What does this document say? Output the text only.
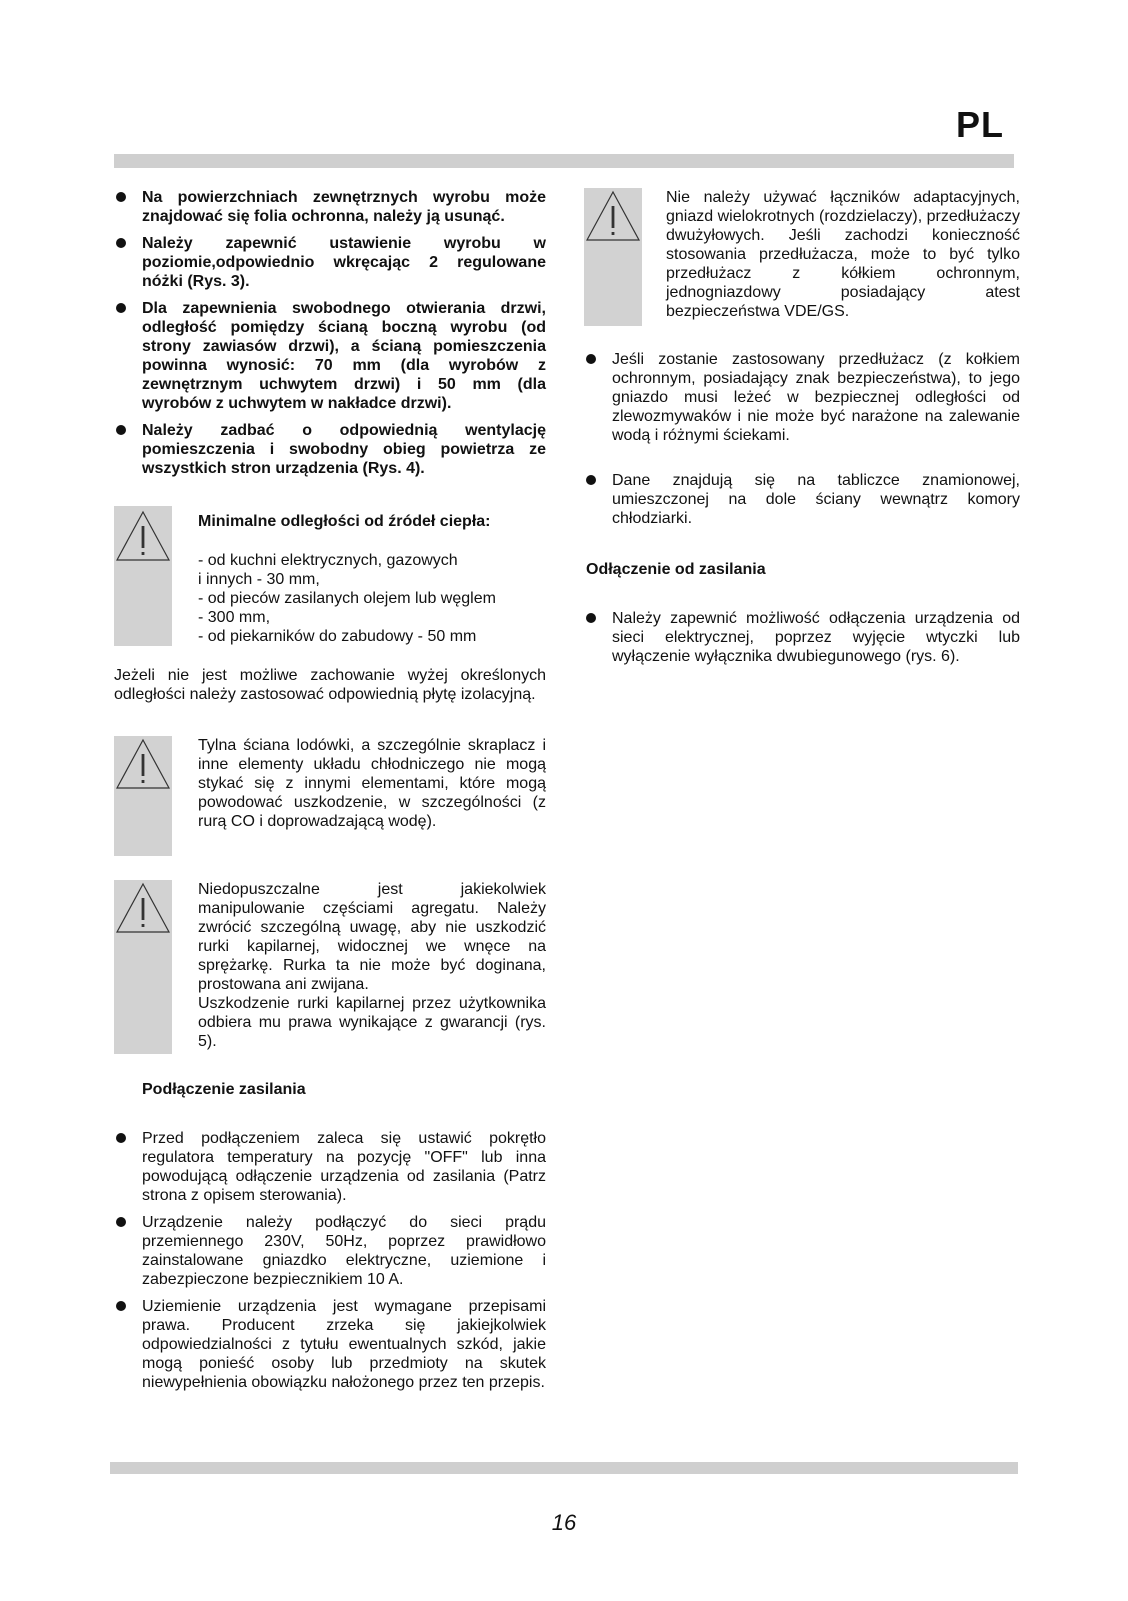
PL
Na powierzchniach zewnętrznych wyrobu może znajdować się folia ochronna, należy ją usunąć.
Należy zapewnić ustawienie wyrobu w poziomie,odpowiednio wkręcając 2 regulowane nóżki (Rys. 3).
Dla zapewnienia swobodnego otwierania drzwi, odległość pomiędzy ścianą boczną wyrobu (od strony zawiasów drzwi), a ścianą pomieszczenia powinna wynosić: 70 mm (dla wyrobów z zewnętrznym uchwytem drzwi) i 50 mm (dla wyrobów z uchwytem w nakładce drzwi).
Należy zadbać o odpowiednią wentylację pomieszczenia i swobodny obieg powietrza ze wszystkich stron urządzenia (Rys. 4).
Minimalne odległości od źródeł ciepła:
- od kuchni elektrycznych, gazowych
i innych - 30 mm,
- od pieców zasilanych olejem lub węglem
- 300 mm,
- od piekarników do zabudowy - 50 mm
Jeżeli nie jest możliwe zachowanie wyżej określonych odległości należy zastosować odpowiednią płytę izolacyjną.
Tylna ściana lodówki, a szczególnie skraplacz i inne elementy układu chłodniczego nie mogą stykać się z innymi elementami, które mogą powodować uszkodzenie, w szczególności (z rurą CO i doprowadzającą wodę).
Niedopuszczalne jest jakiekolwiek manipulowanie częściami agregatu. Należy zwrócić szczególną uwagę, aby nie uszkodzić rurki kapilarnej, widocznej we wnęce na sprężarkę. Rurka ta nie może być doginana, prostowana ani zwijana.
Uszkodzenie rurki kapilarnej przez użytkownika odbiera mu prawa wynikające z gwarancji (rys. 5).
Podłączenie zasilania
Przed podłączeniem zaleca się ustawić pokrętło regulatora temperatury na pozycję "OFF" lub inna powodującą odłączenie urządzenia od zasilania (Patrz strona z opisem sterowania).
Urządzenie należy podłączyć do sieci prądu przemiennego 230V, 50Hz, poprzez prawidłowo zainstalowane gniazdko elektryczne, uziemione i zabezpieczone bezpiecznikiem 10 A.
Uziemienie urządzenia jest wymagane przepisami prawa. Producent zrzeka się jakiejkolwiek odpowiedzialności z tytułu ewentualnych szkód, jakie mogą ponieść osoby lub przedmioty na skutek niewypełnienia obowiązku nałożonego przez ten przepis.
Nie należy używać łączników adaptacyjnych, gniazd wielokrotnych (rozdzielaczy), przedłużaczy dwużyłowych. Jeśli zachodzi konieczność stosowania przedłużacza, może to być tylko przedłużacz z kółkiem ochronnym, jednogniazdowy posiadający atest bezpieczeństwa VDE/GS.
Jeśli zostanie zastosowany przedłużacz (z kołkiem ochronnym, posiadający znak bezpieczeństwa), to jego gniazdo musi leżeć w bezpiecznej odległości od zlewozmywaków i nie może być narażone na zalewanie wodą i różnymi ściekami.
Dane znajdują się na tabliczce znamionowej, umieszczonej na dole ściany wewnątrz komory chłodziarki.
Odłączenie od zasilania
Należy zapewnić możliwość odłączenia urządzenia od sieci elektrycznej, poprzez wyjęcie wtyczki lub wyłączenie wyłącznika dwubiegunowego (rys. 6).
16
